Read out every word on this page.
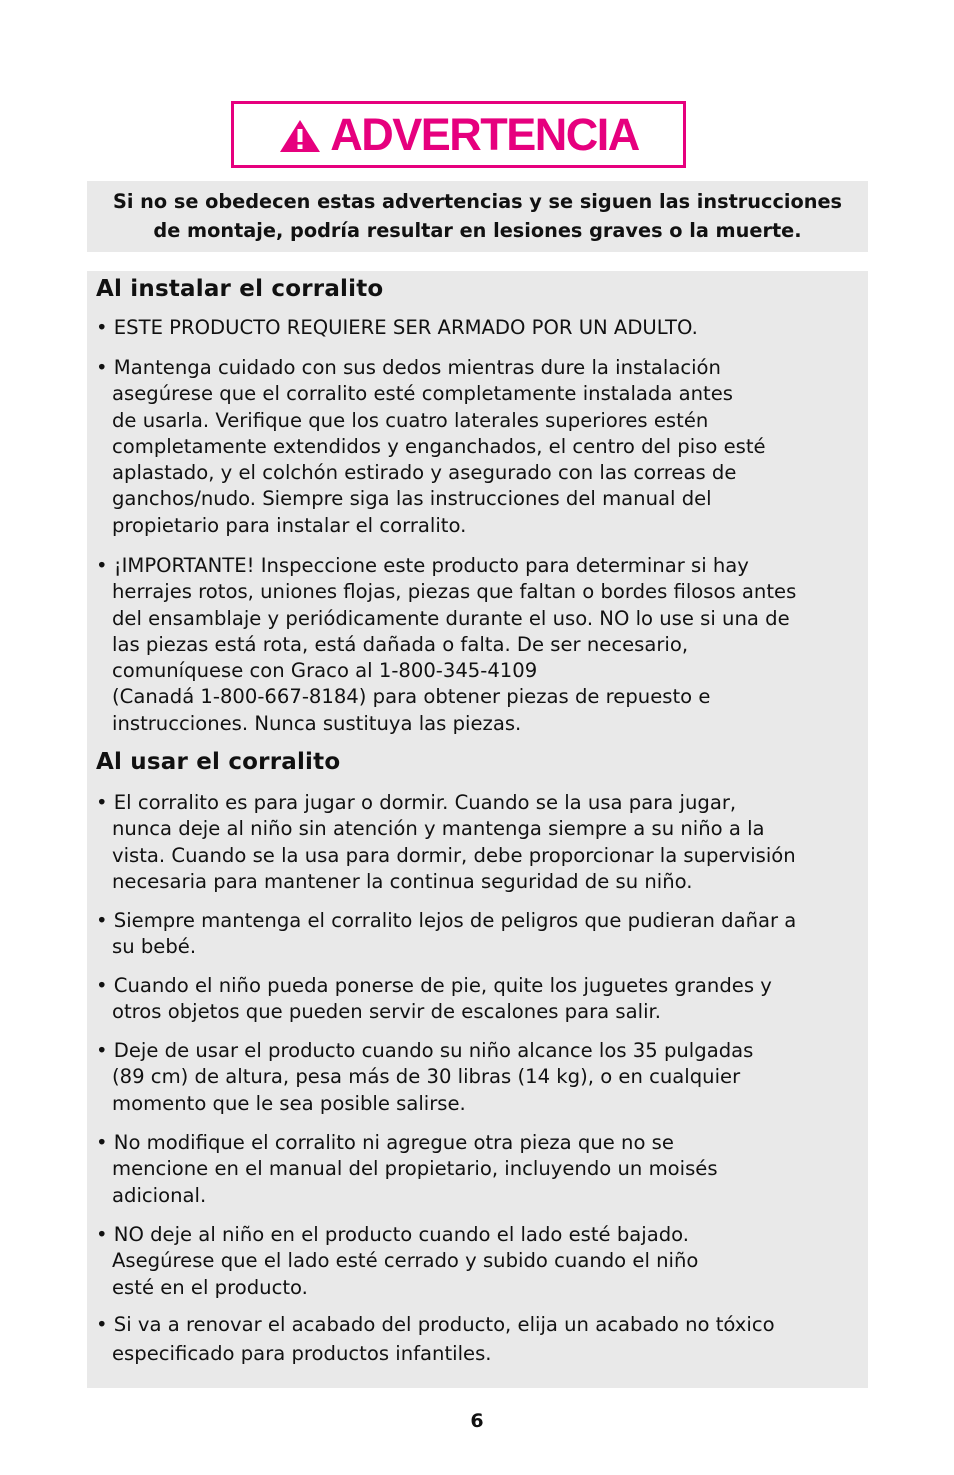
ADVERTENCIA
Si no se obedecen estas advertencias y se siguen las instrucciones
de montaje, podría resultar en lesiones graves o la muerte.
Al instalar el corralito
• ESTE PRODUCTO REQUIERE SER ARMADO POR UN ADULTO.
• Mantenga cuidado con sus dedos mientras dure la instalación
asegúrese que el corralito esté completamente instalada antes
de usarla. Verifique que los cuatro laterales superiores estén
completamente extendidos y enganchados, el centro del piso esté
aplastado, y el colchón estirado y asegurado con las correas de
ganchos/nudo. Siempre siga las instrucciones del manual del
propietario para instalar el corralito.
• ¡IMPORTANTE! Inspeccione este producto para determinar si hay
herrajes rotos, uniones flojas, piezas que faltan o bordes filosos antes
del ensamblaje y periódicamente durante el uso. NO lo use si una de
las piezas está rota, está dañada o falta. De ser necesario,
comuníquese con Graco al 1-800-345-4109
(Canadá 1-800-667-8184) para obtener piezas de repuesto e
instrucciones. Nunca sustituya las piezas.
Al usar el corralito
• El corralito es para jugar o dormir. Cuando se la usa para jugar,
nunca deje al niño sin atención y mantenga siempre a su niño a la
vista. Cuando se la usa para dormir, debe proporcionar la supervisión
necesaria para mantener la continua seguridad de su niño.
• Siempre mantenga el corralito lejos de peligros que pudieran dañar a
su bebé.
• Cuando el niño pueda ponerse de pie, quite los juguetes grandes y
otros objetos que pueden servir de escalones para salir.
• Deje de usar el producto cuando su niño alcance los 35 pulgadas
(89 cm) de altura, pesa más de 30 libras (14 kg), o en cualquier
momento que le sea posible salirse.
• No modifique el corralito ni agregue otra pieza que no se
mencione en el manual del propietario, incluyendo un moisés
adicional.
• NO deje al niño en el producto cuando el lado esté bajado.
Asegúrese que el lado esté cerrado y subido cuando el niño
esté en el producto.
• Si va a renovar el acabado del producto, elija un acabado no tóxico
especificado para productos infantiles.
6
